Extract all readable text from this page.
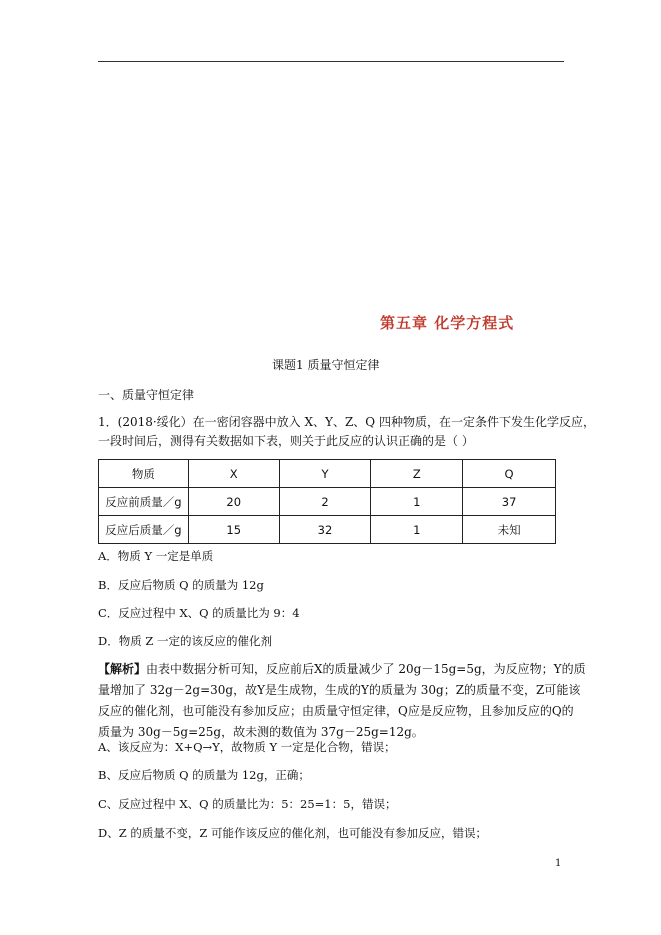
第五章 化学方程式
课题1 质量守恒定律
一、质量守恒定律
1．(2018·绥化）在一密闭容器中放入 X、Y、Z、Q 四种物质，在一定条件下发生化学反应，
一段时间后，测得有关数据如下表，则关于此反应的认识正确的是（ ）
物质	X	Y	Z	Q
反应前质量／g	20	2	1	37
反应后质量／g	15	32	1	未知
A．物质 Y 一定是单质
B．反应后物质 Q 的质量为 12g
C．反应过程中 X、Q 的质量比为 9：4
D．物质 Z 一定的该反应的催化剂
【解析】由表中数据分析可知，反应前后X的质量减少了 20g－15g=5g，为反应物；Y的质
量增加了 32g－2g=30g，故Y是生成物，生成的Y的质量为 30g；Z的质量不变，Z可能该
反应的催化剂，也可能没有参加反应；由质量守恒定律，Q应是反应物，且参加反应的Q的
质量为 30g－5g=25g，故未测的数值为 37g－25g=12g。
A、该反应为：X+Q→Y，故物质 Y 一定是化合物，错误；
B、反应后物质 Q 的质量为 12g，正确；
C、反应过程中 X、Q 的质量比为：5：25=1：5，错误；
D、Z 的质量不变，Z 可能作该反应的催化剂，也可能没有参加反应，错误；
1
